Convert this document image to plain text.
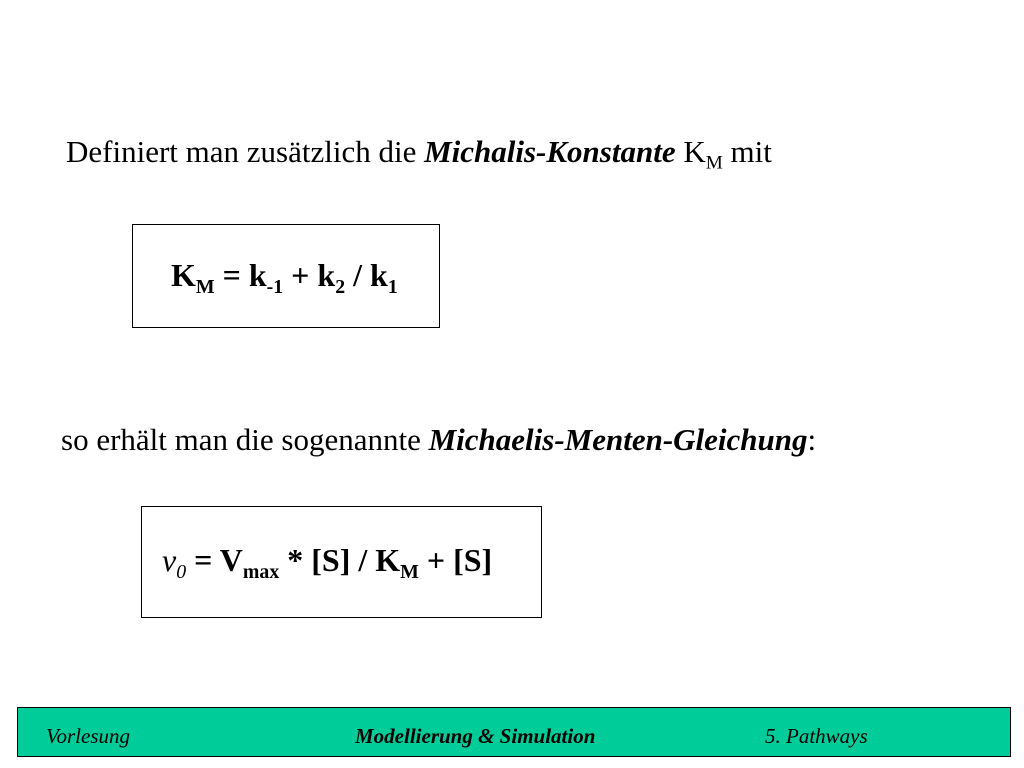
Definiert man zusätzlich die Michalis-Konstante $K_M$ mit
$K_M = k_{-1} + k_2 / k_1$
so erhält man die sogenannte Michaelis-Menten-Gleichung:
$v_0 = V_{max} * [S] / K_M + [S]$
Vorlesung	Modellierung & Simulation	5. Pathways
